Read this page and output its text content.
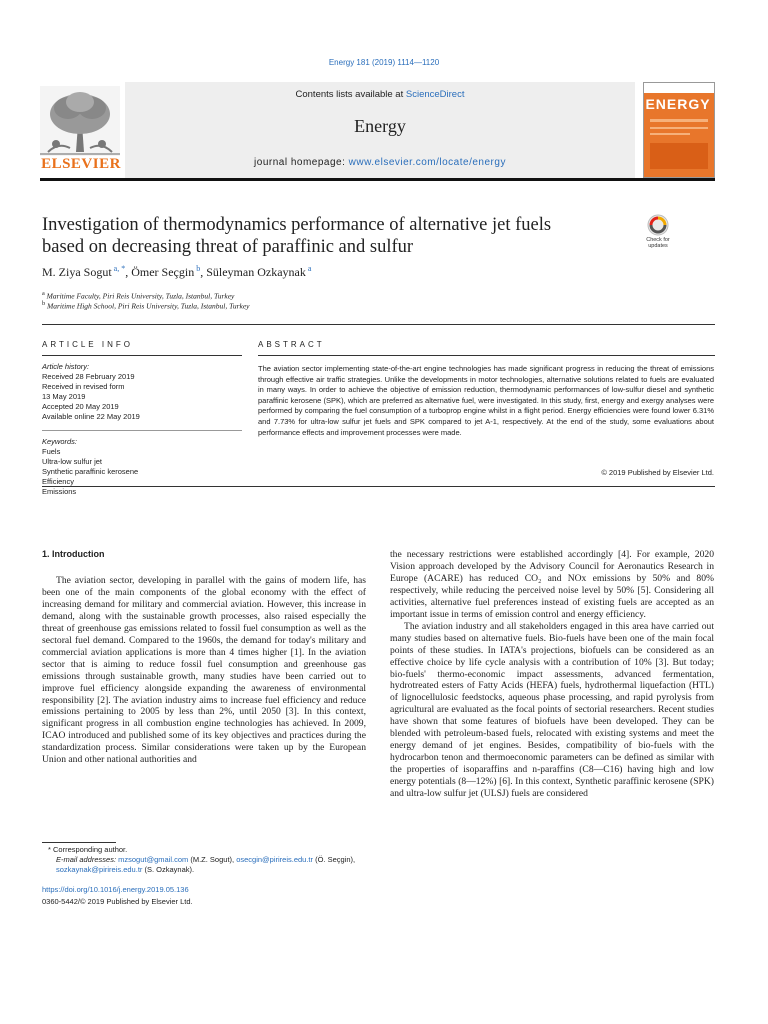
Energy 181 (2019) 1114—1120
ELSEVIER
Contents lists available at ScienceDirect
Energy
journal homepage: www.elsevier.com/locate/energy
ENERGY
Investigation of thermodynamics performance of alternative jet fuels
based on decreasing threat of paraffinic and sulfur	Check for updates
M. Ziya Sogut $^{a, *}$, Ömer Seçgin $^b$, Süleyman Ozkaynak $^a$
$^a$ Maritime Faculty, Piri Reis University, Tuzla, Istanbul, Turkey
$^b$ Maritime High School, Piri Reis University, Tuzla, Istanbul, Turkey
ARTICLE INFO
Article history:
Received 28 February 2019
Received in revised form
13 May 2019
Accepted 20 May 2019
Available online 22 May 2019
Keywords:
Fuels
Ultra-low sulfur jet
Synthetic paraffinic kerosene
Efficiency
Emissions
ABSTRACT
The aviation sector implementing state-of-the-art engine technologies has made significant progress in reducing the threat of emissions through effective air traffic strategies. Unlike the developments in motor technologies, alternative solutions related to fuels are evaluated in many ways. In order to achieve the objective of emission reduction, thermodynamic performances of low-sulfur diesel and synthetic paraffinic kerosene (SPK), which are preferred as alternative fuel, were investigated. In this study, first, energy and exergy analyses were performed by comparing the fuel consumption of a turboprop engine whilst in a flight period. Energy efficiencies were found lower 6.31% and 7.73% for ultra-low sulfur jet fuels and SPK compared to jet A-1, respectively. At the end of the study, some evaluations about performance effects and improvement processes were made.
© 2019 Published by Elsevier Ltd.
1. Introduction

The aviation sector, developing in parallel with the gains of modern life, has been one of the main components of the global economy with the effect of increasing demand for military and commercial aviation. However, this increase in demand, along with the sustainable growth processes, also raised especially the threat of greenhouse gas emissions related to fossil fuel consumption as well as the sectoral fuel demand. Compared to the 1960s, the demand for today's military and commercial aviation applications is more than 4 times higher [1]. In the aviation sector that is aiming to reduce fossil fuel consumption and greenhouse gas emissions through sustainable growth, many studies have been carried out to improve fuel efficiency alongside expanding the awareness of environmental responsibility [2]. The aviation industry aims to increase fuel efficiency and reduce emissions pertaining to 2005 by less than 2%, until 2050 [3]. In this context, significant progress in all combustion engine technologies has achieved. In 2009, ICAO introduced and published some of its key objectives and practices during the standardization process. Similar considerations were taken up by the European Union and other national authorities and

the necessary restrictions were established accordingly [4]. For example, 2020 Vision approach developed by the Advisory Council for Aeronautics Research in Europe (ACARE) has reduced CO₂ and NOx emissions by 50% and 80% respectively, while reducing the perceived noise level by 50% [5]. Considering all activities, alternative fuel preferences instead of existing fuels are accepted as an important issue in terms of emission control and energy efficiency.

The aviation industry and all stakeholders engaged in this area have carried out many studies based on alternative fuels. Bio-fuels have been one of the main focal points of these studies. In IATA's projections, biofuels can be considered as an effective choice by life cycle analysis with a contribution of 10% [3]. But today; bio-fuels' thermo-economic impact assessments, advanced fermentation, hydrotreated esters of Fatty Acids (HEFA) fuels, hydrothermal liquefaction (HTL) of lignocellulosic feedstocks, aqueous phase processing, and rapid pyrolysis from agricultural are evaluated as the focal points of sectorial researchers. Recent studies have shown that some features of biofuels have been developed. They can be blended with petroleum-based fuels, relocated with existing systems and meet the energy demand of jet engines. Besides, compatibility of bio-fuels with the hydrocarbon tenon and thermoeconomic parameters can be defined as similar with the properties of isoparaffins and n-paraffins (C8—C16) having high and low energy potentials (8—12%) [6]. In this context, Synthetic paraffinic kerosene (SPK) and ultra-low sulfur jet (ULSJ) fuels are considered

* Corresponding author.
E-mail addresses: mzsogut@gmail.com (M.Z. Sogut), osecgin@pirireis.edu.tr (Ö. Seçgin), sozkaynak@pirireis.edu.tr (S. Ozkaynak).
https://doi.org/10.1016/j.energy.2019.05.136
0360-5442/© 2019 Published by Elsevier Ltd.
